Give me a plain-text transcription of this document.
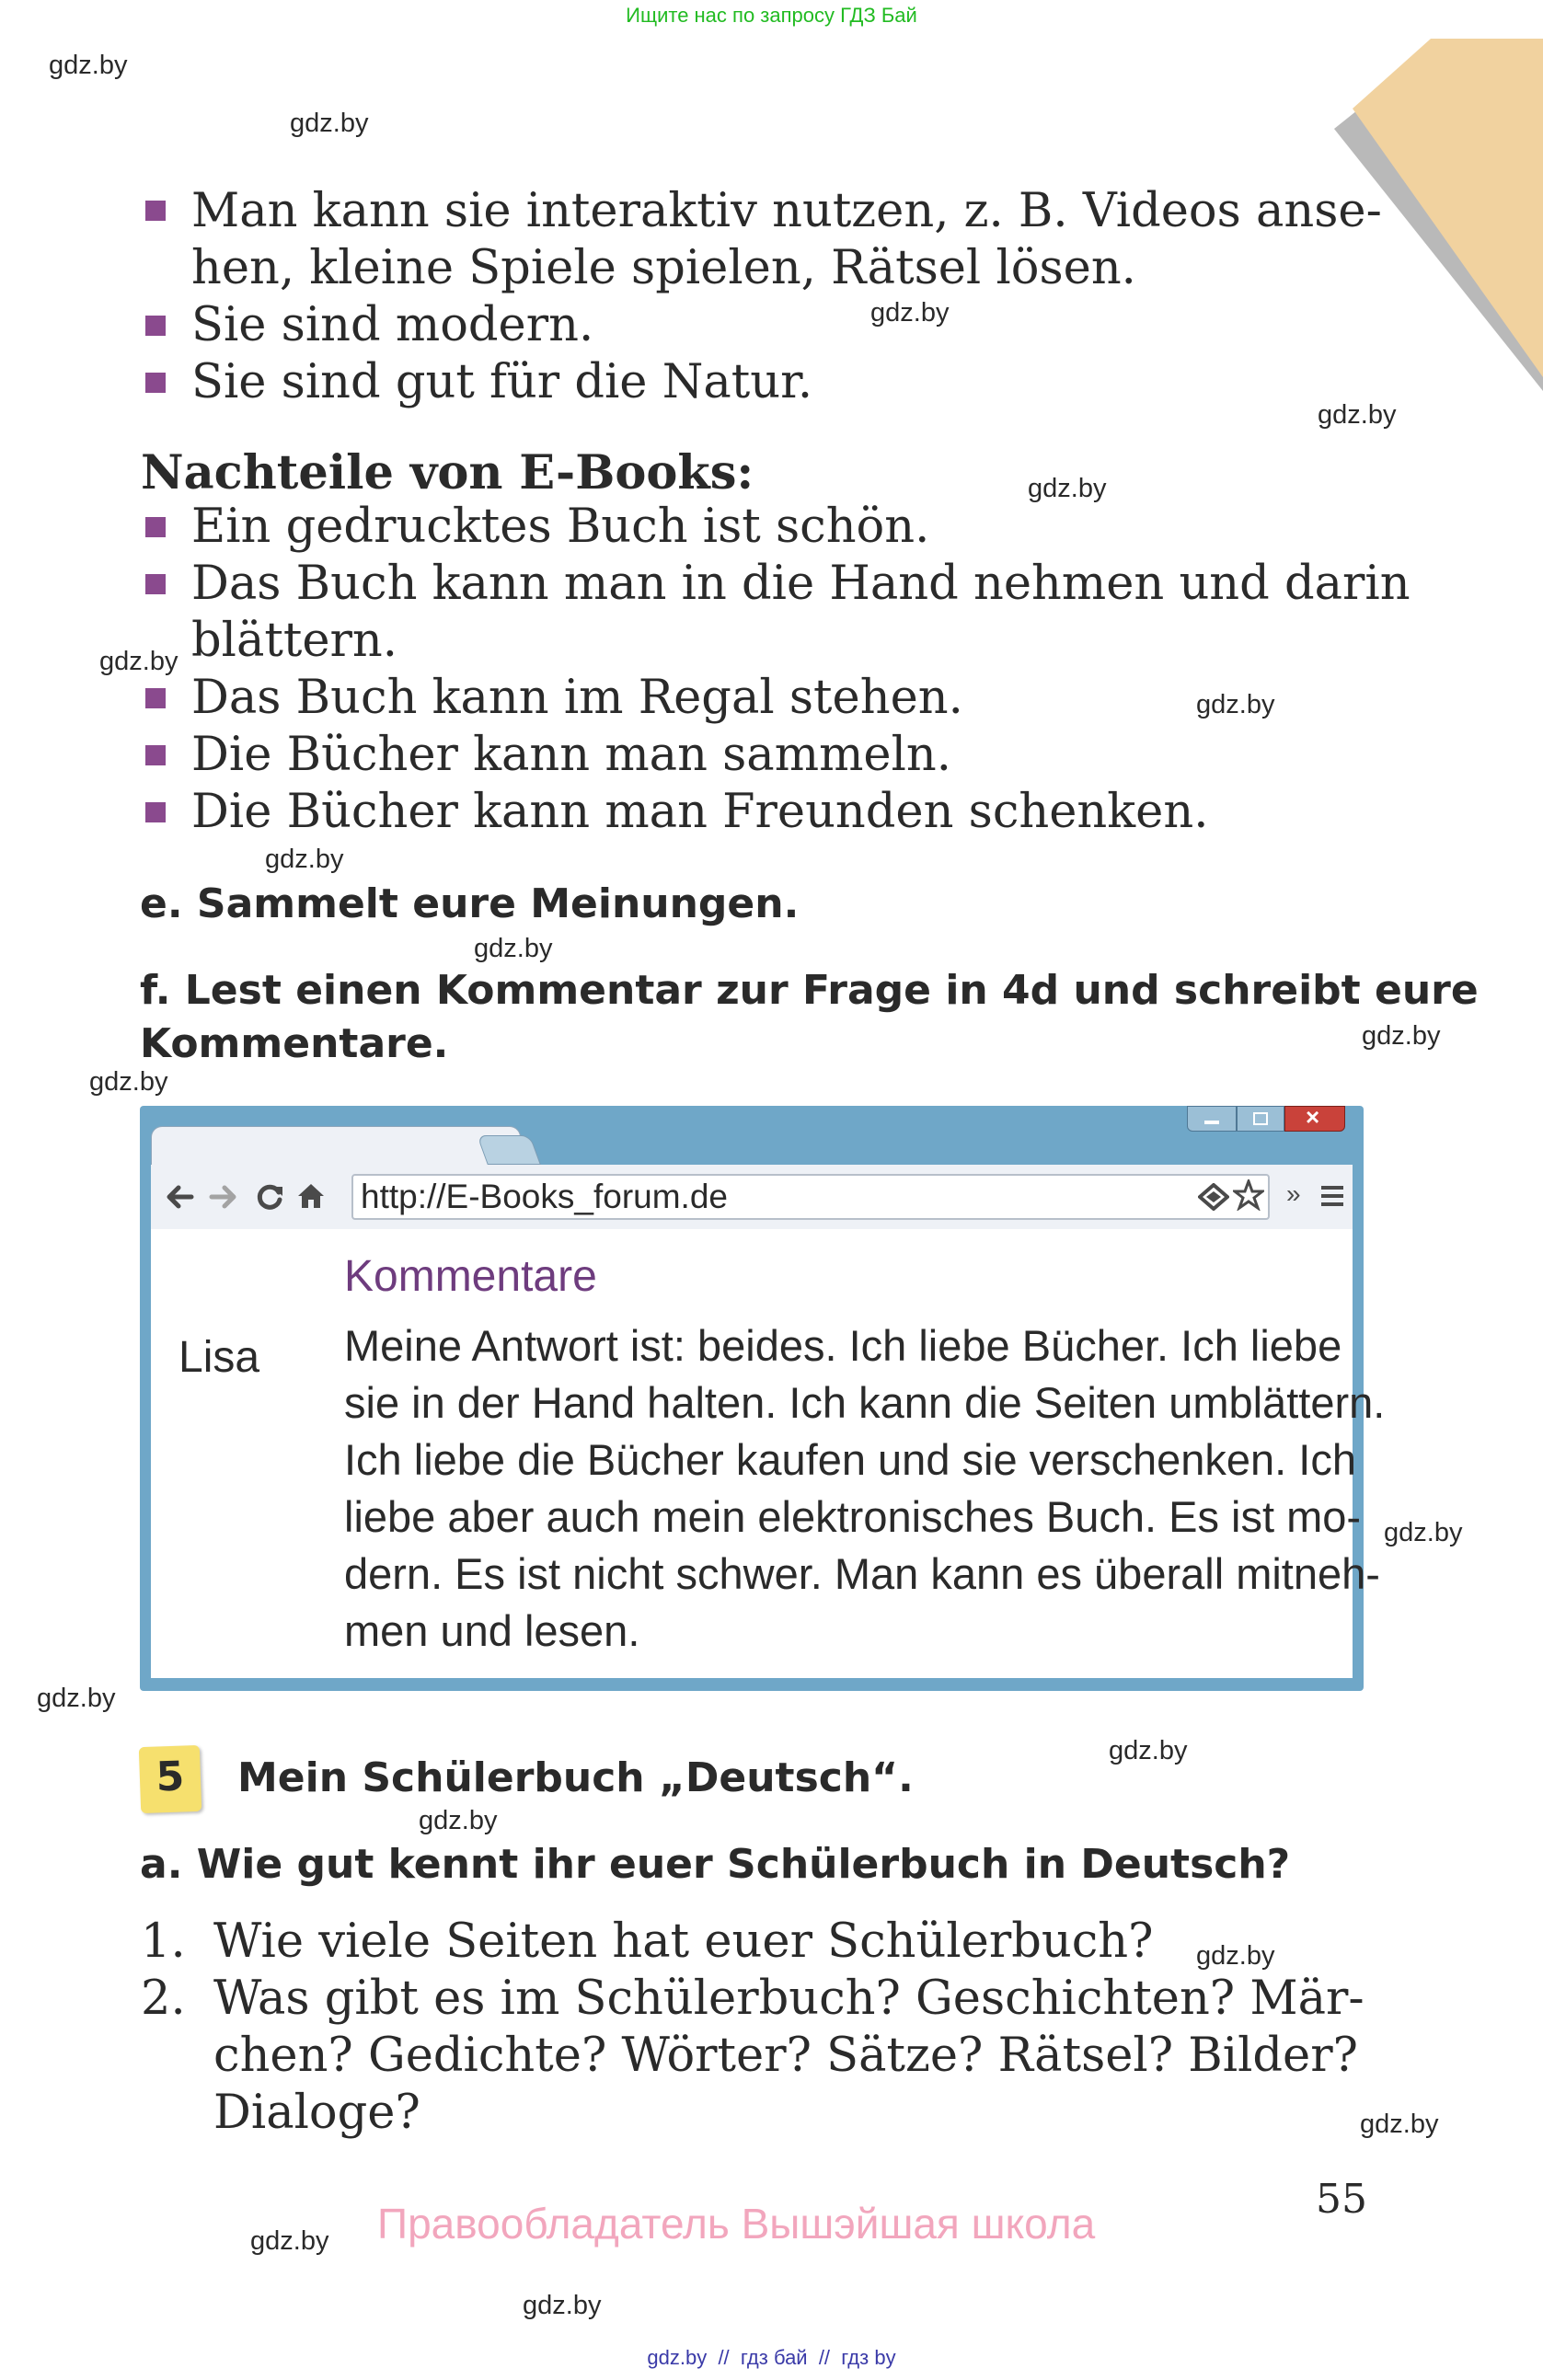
Ищите нас по запросу ГДЗ Бай
gdz.by
gdz.by
gdz.by
gdz.by
gdz.by
gdz.by
gdz.by
gdz.by
gdz.by
gdz.by
gdz.by
gdz.by
gdz.by
gdz.by
gdz.by
gdz.by
gdz.by
gdz.by
gdz.by
Man kann sie interaktiv nutzen, z. B. Videos anse-
hen, kleine Spiele spielen, Rätsel lösen.
Sie sind modern.
Sie sind gut für die Natur.
Nachteile von E-Books:
Ein gedrucktes Buch ist schön.
Das Buch kann man in die Hand nehmen und darin
blättern.
Das Buch kann im Regal stehen.
Die Bücher kann man sammeln.
Die Bücher kann man Freunden schenken.
e. Sammelt eure Meinungen.
f. Lest einen Kommentar zur Frage in 4d und schreibt eure
Kommentare.
×
http://E-Books_forum.de	»
Kommentare
Lisa Meine Antwort ist: beides. Ich liebe Bücher. Ich liebe
sie in der Hand halten. Ich kann die Seiten umblättern.
Ich liebe die Bücher kaufen und sie verschenken. Ich
liebe aber auch mein elektronisches Buch. Es ist mo-
dern. Es ist nicht schwer. Man kann es überall mitneh-
men und lesen.
5	Mein Schülerbuch „Deutsch“.
a. Wie gut kennt ihr euer Schülerbuch in Deutsch?
1. Wie viele Seiten hat euer Schülerbuch?
2. Was gibt es im Schülerbuch? Geschichten? Mär-
chen? Gedichte? Wörter? Sätze? Rätsel? Bilder?
Dialoge?
55
Правообладатель Вышэйшая школа
gdz.by  //  гдз бай  //  гдз by
